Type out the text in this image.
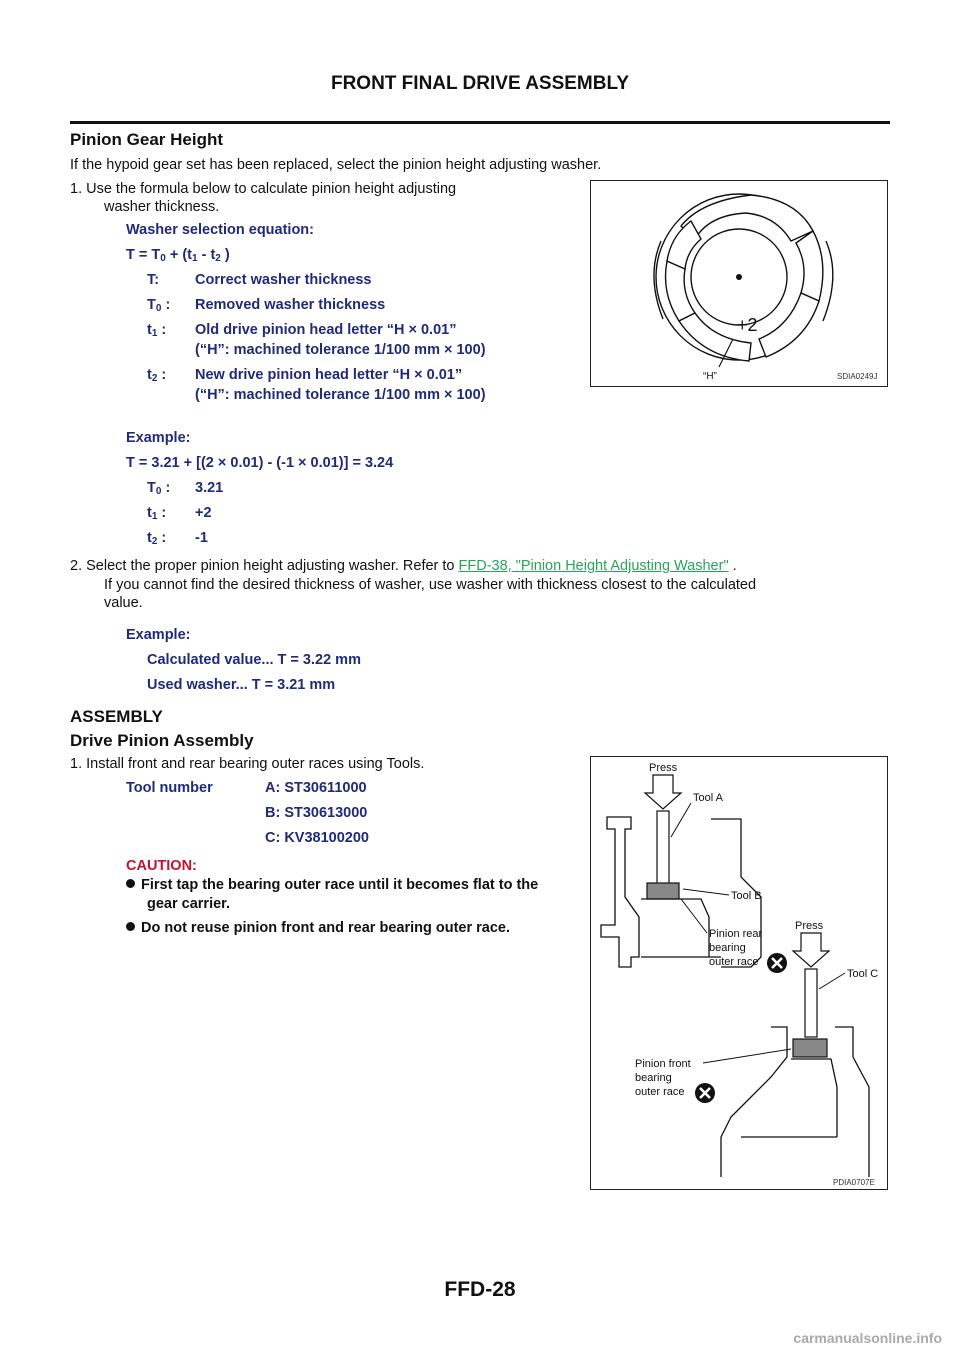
FRONT FINAL DRIVE ASSEMBLY
Pinion Gear Height
If the hypoid gear set has been replaced, select the pinion height adjusting washer.
1. Use the formula below to calculate pinion height adjusting
washer thickness.
Washer selection equation:
$T = T_0 + (t_1 - t_2$ )
T: Correct washer thickness
$T_0$ : Removed washer thickness
$t_1$ : Old drive pinion head letter “H × 0.01”
(“H”: machined tolerance 1/100 mm × 100)
$t_2$ : New drive pinion head letter “H × 0.01”
(“H”: machined tolerance 1/100 mm × 100)
+2
“H”	SDIA0249J
Example:
T = 3.21 + [(2 × 0.01) - (-1 × 0.01)] = 3.24
$T_0$ : 3.21
$t_1$ : +2
$t_2$ : -1
2. Select the proper pinion height adjusting washer. Refer to FFD-38, "Pinion Height Adjusting Washer" .
If you cannot find the desired thickness of washer, use washer with thickness closest to the calculated
value.
Example:
Calculated value... T = 3.22 mm
Used washer... T = 3.21 mm
ASSEMBLY
Drive Pinion Assembly
1. Install front and rear bearing outer races using Tools.
Tool number	A: ST30611000
B: ST30613000
C: KV38100200
CAUTION:
First tap the bearing outer race until it becomes flat to the
gear carrier.
Do not reuse pinion front and rear bearing outer race.
Press
Tool A
Tool B
Pinion rear
bearing
outer race
Press
Tool C
Pinion front
bearing
outer race
PDIA0707E
FFD-28
carmanualsonline.info
